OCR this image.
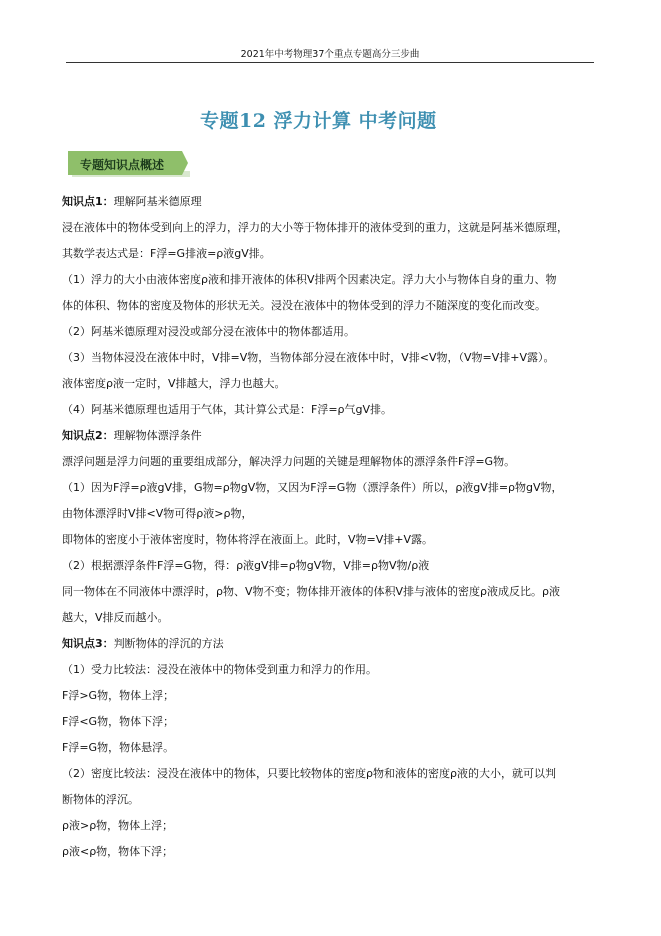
2021年中考物理37个重点专题高分三步曲
专题12 浮力计算 中考问题
专题知识点概述
知识点1：理解阿基米德原理
浸在液体中的物体受到向上的浮力，浮力的大小等于物体排开的液体受到的重力，这就是阿基米德原理，
其数学表达式是：F浮=G排液=ρ液gV排。
（1）浮力的大小由液体密度ρ液和排开液体的体积V排两个因素决定。浮力大小与物体自身的重力、物
体的体积、物体的密度及物体的形状无关。浸没在液体中的物体受到的浮力不随深度的变化而改变。
（2）阿基米德原理对浸没或部分浸在液体中的物体都适用。
（3）当物体浸没在液体中时，V排=V物，当物体部分浸在液体中时，V排<V物，（V物=V排+V露）。
液体密度ρ液一定时，V排越大，浮力也越大。
（4）阿基米德原理也适用于气体，其计算公式是：F浮=ρ气gV排。
知识点2：理解物体漂浮条件
漂浮问题是浮力问题的重要组成部分，解决浮力问题的关键是理解物体的漂浮条件F浮=G物。
（1）因为F浮=ρ液gV排，G物=ρ物gV物，又因为F浮=G物（漂浮条件）所以，ρ液gV排=ρ物gV物，
由物体漂浮时V排<V物可得ρ液>ρ物，
即物体的密度小于液体密度时，物体将浮在液面上。此时，V物=V排+V露。
（2）根据漂浮条件F浮=G物，得：ρ液gV排=ρ物gV物，V排=ρ物V物/ρ液
同一物体在不同液体中漂浮时，ρ物、V物不变；物体排开液体的体积V排与液体的密度ρ液成反比。ρ液
越大，V排反而越小。
知识点3：判断物体的浮沉的方法
（1）受力比较法：浸没在液体中的物体受到重力和浮力的作用。
F浮>G物，物体上浮；
F浮<G物，物体下浮；
F浮=G物，物体悬浮。
（2）密度比较法：浸没在液体中的物体，只要比较物体的密度ρ物和液体的密度ρ液的大小，就可以判
断物体的浮沉。
ρ液>ρ物，物体上浮；
ρ液<ρ物，物体下浮；
